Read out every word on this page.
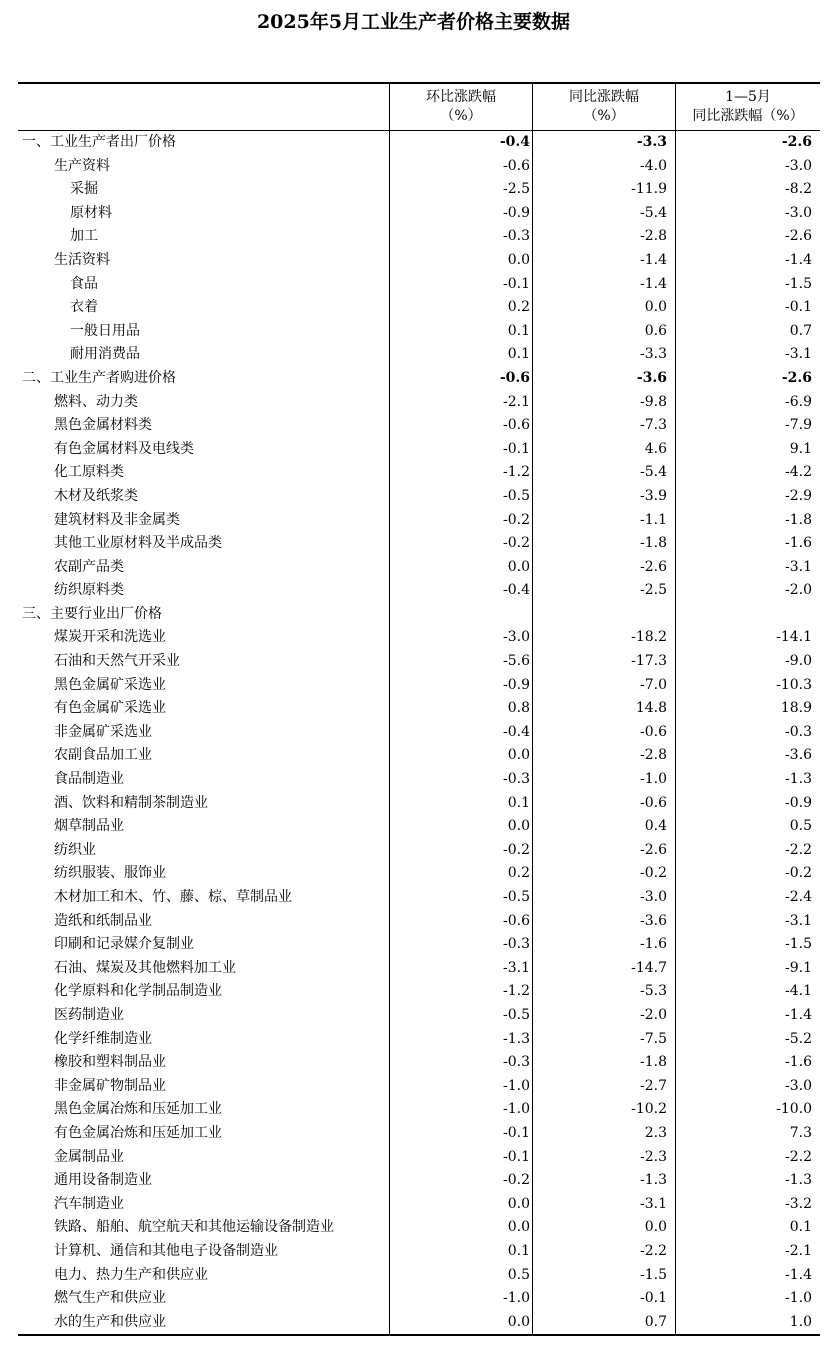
2025年5月工业生产者价格主要数据
环比涨跌幅
（%）
同比涨跌幅
（%）
1—5月
同比涨跌幅（%）
一、工业生产者出厂价格	-0.4	-3.3	-2.6
生产资料	-0.6	-4.0	-3.0
采掘	-2.5	-11.9	-8.2
原材料	-0.9	-5.4	-3.0
加工	-0.3	-2.8	-2.6
生活资料	0.0	-1.4	-1.4
食品	-0.1	-1.4	-1.5
衣着	0.2	0.0	-0.1
一般日用品	0.1	0.6	0.7
耐用消费品	0.1	-3.3	-3.1
二、工业生产者购进价格	-0.6	-3.6	-2.6
燃料、动力类	-2.1	-9.8	-6.9
黑色金属材料类	-0.6	-7.3	-7.9
有色金属材料及电线类	-0.1	4.6	9.1
化工原料类	-1.2	-5.4	-4.2
木材及纸浆类	-0.5	-3.9	-2.9
建筑材料及非金属类	-0.2	-1.1	-1.8
其他工业原材料及半成品类	-0.2	-1.8	-1.6
农副产品类	0.0	-2.6	-3.1
纺织原料类	-0.4	-2.5	-2.0
三、主要行业出厂价格
煤炭开采和洗选业	-3.0	-18.2	-14.1
石油和天然气开采业	-5.6	-17.3	-9.0
黑色金属矿采选业	-0.9	-7.0	-10.3
有色金属矿采选业	0.8	14.8	18.9
非金属矿采选业	-0.4	-0.6	-0.3
农副食品加工业	0.0	-2.8	-3.6
食品制造业	-0.3	-1.0	-1.3
酒、饮料和精制茶制造业	0.1	-0.6	-0.9
烟草制品业	0.0	0.4	0.5
纺织业	-0.2	-2.6	-2.2
纺织服装、服饰业	0.2	-0.2	-0.2
木材加工和木、竹、藤、棕、草制品业	-0.5	-3.0	-2.4
造纸和纸制品业	-0.6	-3.6	-3.1
印刷和记录媒介复制业	-0.3	-1.6	-1.5
石油、煤炭及其他燃料加工业	-3.1	-14.7	-9.1
化学原料和化学制品制造业	-1.2	-5.3	-4.1
医药制造业	-0.5	-2.0	-1.4
化学纤维制造业	-1.3	-7.5	-5.2
橡胶和塑料制品业	-0.3	-1.8	-1.6
非金属矿物制品业	-1.0	-2.7	-3.0
黑色金属冶炼和压延加工业	-1.0	-10.2	-10.0
有色金属冶炼和压延加工业	-0.1	2.3	7.3
金属制品业	-0.1	-2.3	-2.2
通用设备制造业	-0.2	-1.3	-1.3
汽车制造业	0.0	-3.1	-3.2
铁路、船舶、航空航天和其他运输设备制造业	0.0	0.0	0.1
计算机、通信和其他电子设备制造业	0.1	-2.2	-2.1
电力、热力生产和供应业	0.5	-1.5	-1.4
燃气生产和供应业	-1.0	-0.1	-1.0
水的生产和供应业	0.0	0.7	1.0
